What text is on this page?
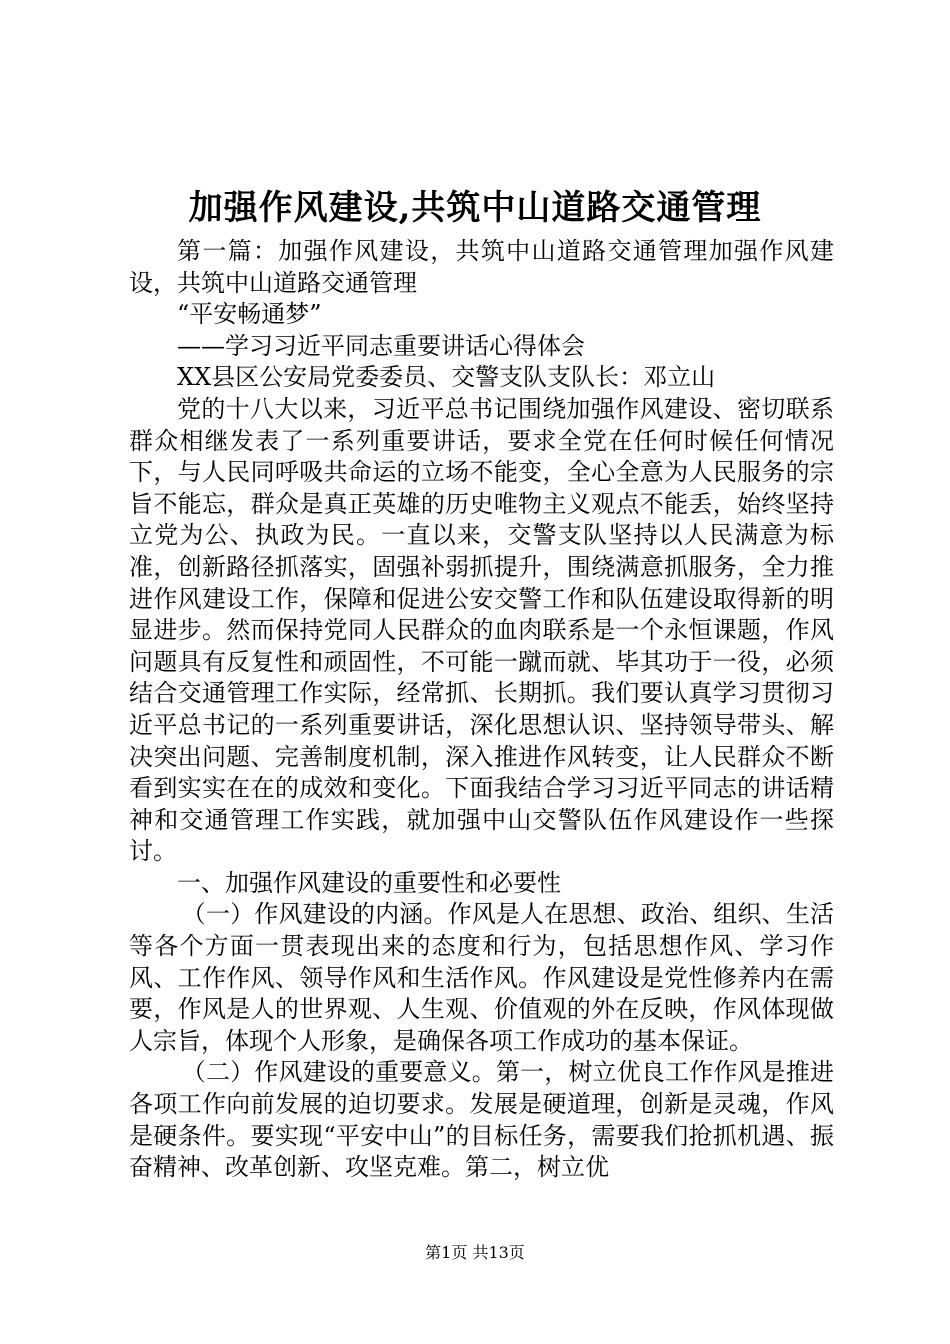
加强作风建设,共筑中山道路交通管理

第一篇：加强作风建设，共筑中山道路交通管理加强作风建设，共筑中山道路交通管理

“平安畅通梦”

——学习习近平同志重要讲话心得体会

XX县区公安局党委委员、交警支队支队长：邓立山

党的十八大以来，习近平总书记围绕加强作风建设、密切联系群众相继发表了一系列重要讲话，要求全党在任何时候任何情况下，与人民同呼吸共命运的立场不能变，全心全意为人民服务的宗旨不能忘，群众是真正英雄的历史唯物主义观点不能丢，始终坚持立党为公、执政为民。一直以来，交警支队坚持以人民满意为标准，创新路径抓落实，固强补弱抓提升，围绕满意抓服务，全力推进作风建设工作，保障和促进公安交警工作和队伍建设取得新的明显进步。然而保持党同人民群众的血肉联系是一个永恒课题，作风问题具有反复性和顽固性，不可能一蹴而就、毕其功于一役，必须结合交通管理工作实际，经常抓、长期抓。我们要认真学习贯彻习近平总书记的一系列重要讲话，深化思想认识、坚持领导带头、解决突出问题、完善制度机制，深入推进作风转变，让人民群众不断看到实实在在的成效和变化。下面我结合学习习近平同志的讲话精神和交通管理工作实践，就加强中山交警队伍作风建设作一些探讨。

一、加强作风建设的重要性和必要性

（一）作风建设的内涵。作风是人在思想、政治、组织、生活等各个方面一贯表现出来的态度和行为，包括思想作风、学习作风、工作作风、领导作风和生活作风。作风建设是党性修养内在需要，作风是人的世界观、人生观、价值观的外在反映，作风体现做人宗旨，体现个人形象，是确保各项工作成功的基本保证。

（二）作风建设的重要意义。第一，树立优良工作作风是推进各项工作向前发展的迫切要求。发展是硬道理，创新是灵魂，作风是硬条件。要实现“平安中山”的目标任务，需要我们抢抓机遇、振奋精神、改革创新、攻坚克难。第二，树立优

第1页 共13页
